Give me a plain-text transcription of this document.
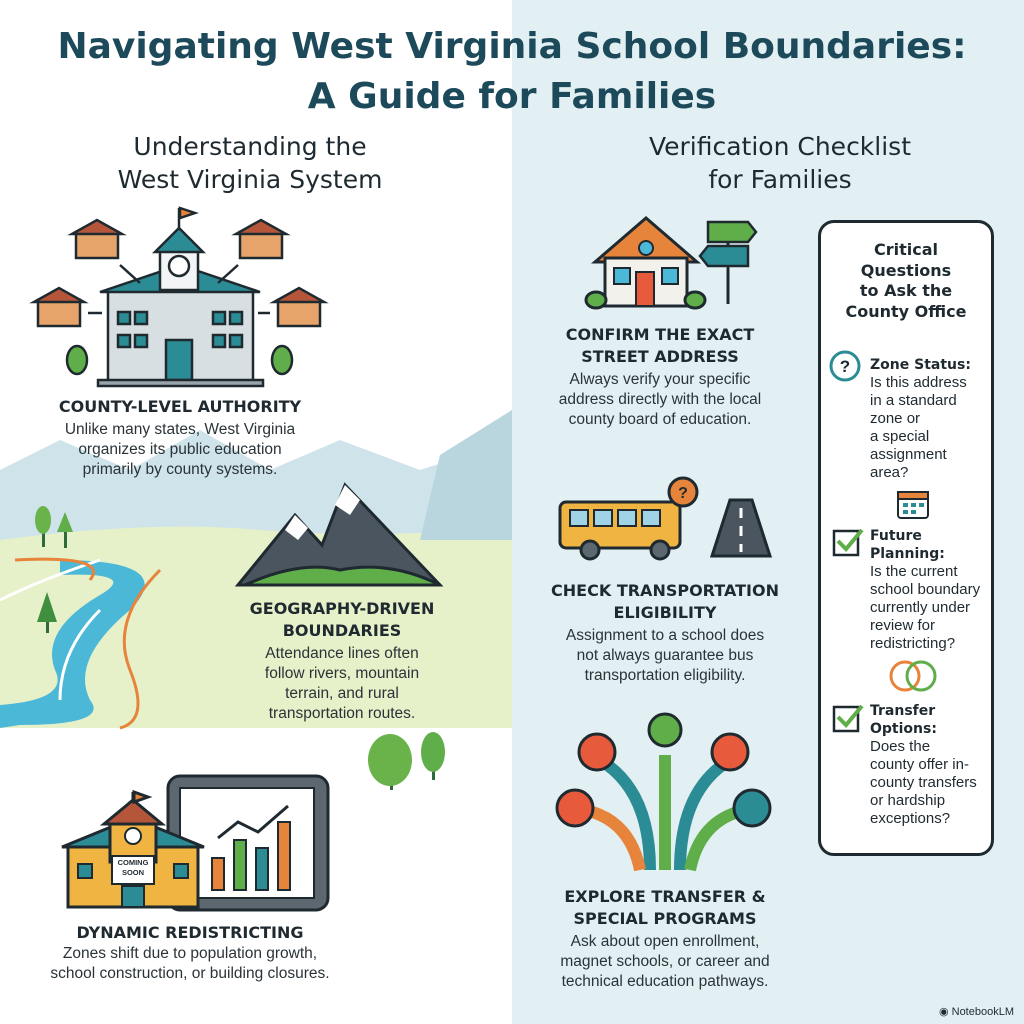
?
Navigating West Virginia School Boundaries:
A Guide for Families
Understanding the
West Virginia System
Verification Checklist
for Families
COUNTY-LEVEL AUTHORITY
Unlike many states, West Virginia
organizes its public education
primarily by county systems.
GEOGRAPHY-DRIVEN
BOUNDARIES
Attendance lines often
follow rivers, mountain
terrain, and rural
transportation routes.
DYNAMIC REDISTRICTING
Zones shift due to population growth,
school construction, or building closures.
COMING
SOON
CONFIRM THE EXACT
STREET ADDRESS
Always verify your specific
address directly with the local
county board of education.
CHECK TRANSPORTATION
ELIGIBILITY
Assignment to a school does
not always guarantee bus
transportation eligibility.
EXPLORE TRANSFER &
SPECIAL PROGRAMS
Ask about open enrollment,
magnet schools, or career and
technical education pathways.
Critical
Questions
to Ask the
County Office
? Zone Status:
Is this address
in a standard
zone or
a special
assignment
area?
Future
Planning:
Is the current
school boundary
currently under
review for
redistricting?
Transfer
Options:
Does the
county offer in-
county transfers
or hardship
exceptions?
◉ NotebookLM
